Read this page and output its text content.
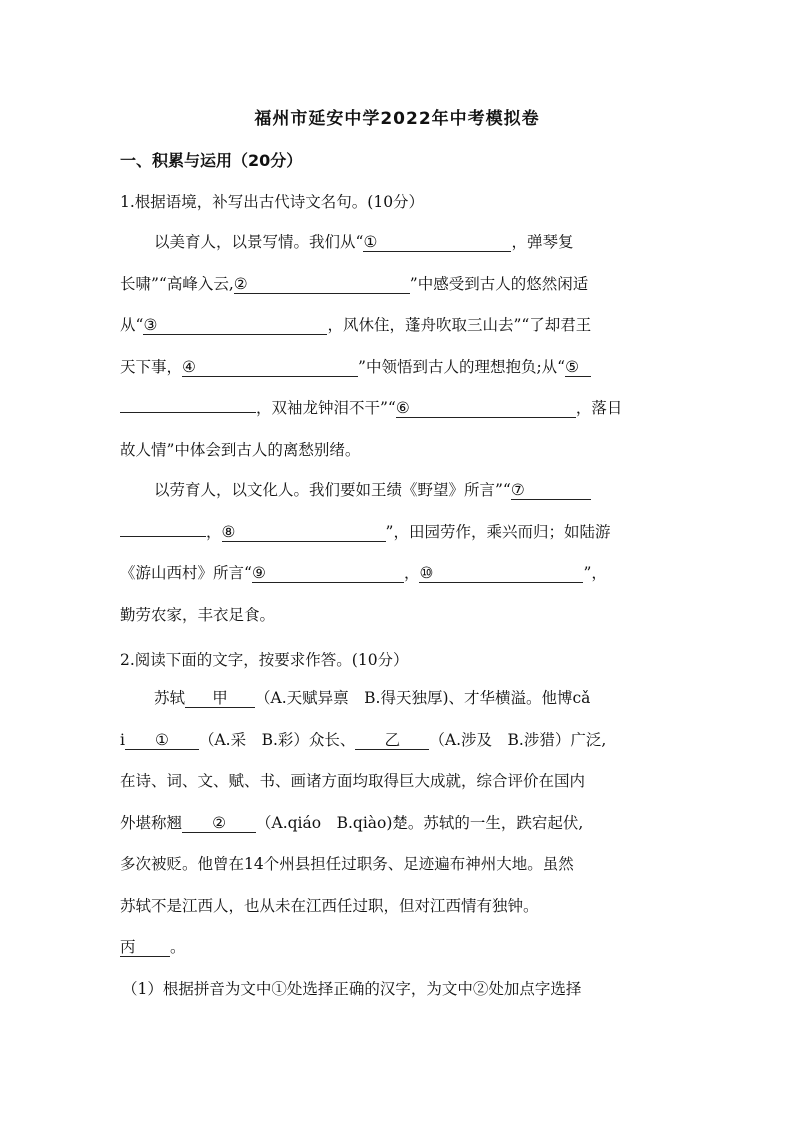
福州市延安中学2022年中考模拟卷
一、积累与运用（20分）
1.根据语境，补写出古代诗文名句。(10分）
以美育人，以景写情。我们从“①	，弹琴复
长啸”“高峰入云,②	”中感受到古人的悠然闲适
从“③	，风休住，蓬舟吹取三山去”“了却君王
天下事，④	”中领悟到古人的理想抱负;从“⑤
，双袖龙钟泪不干”“⑥	，落日
故人情”中体会到古人的离愁别绪。
以劳育人，以文化人。我们要如王绩《野望》所言”“⑦
，⑧	”，田园劳作，乘兴而归；如陆游
《游山西村》所言“⑨	，⑩	”，
勤劳农家，丰衣足食。
2.阅读下面的文字，按要求作答。(10分）
苏轼 甲 （A.天赋异禀　B.得天独厚)、才华横溢。他博cǎ
i ① （A.采　B.彩）众长、 乙 （A.涉及　B.涉猎）广泛,
在诗、词、文、赋、书、画诸方面均取得巨大成就，综合评价在国内
外堪称翘 ② （A.qiáo　B.qiào)楚。苏轼的一生，跌宕起伏,
多次被贬。他曾在14个州县担任过职务、足迹遍布神州大地。虽然
苏轼不是江西人，也从未在江西任过职，但对江西情有独钟。
丙 。
（1）根据拼音为文中①处选择正确的汉字，为文中②处加点字选择
